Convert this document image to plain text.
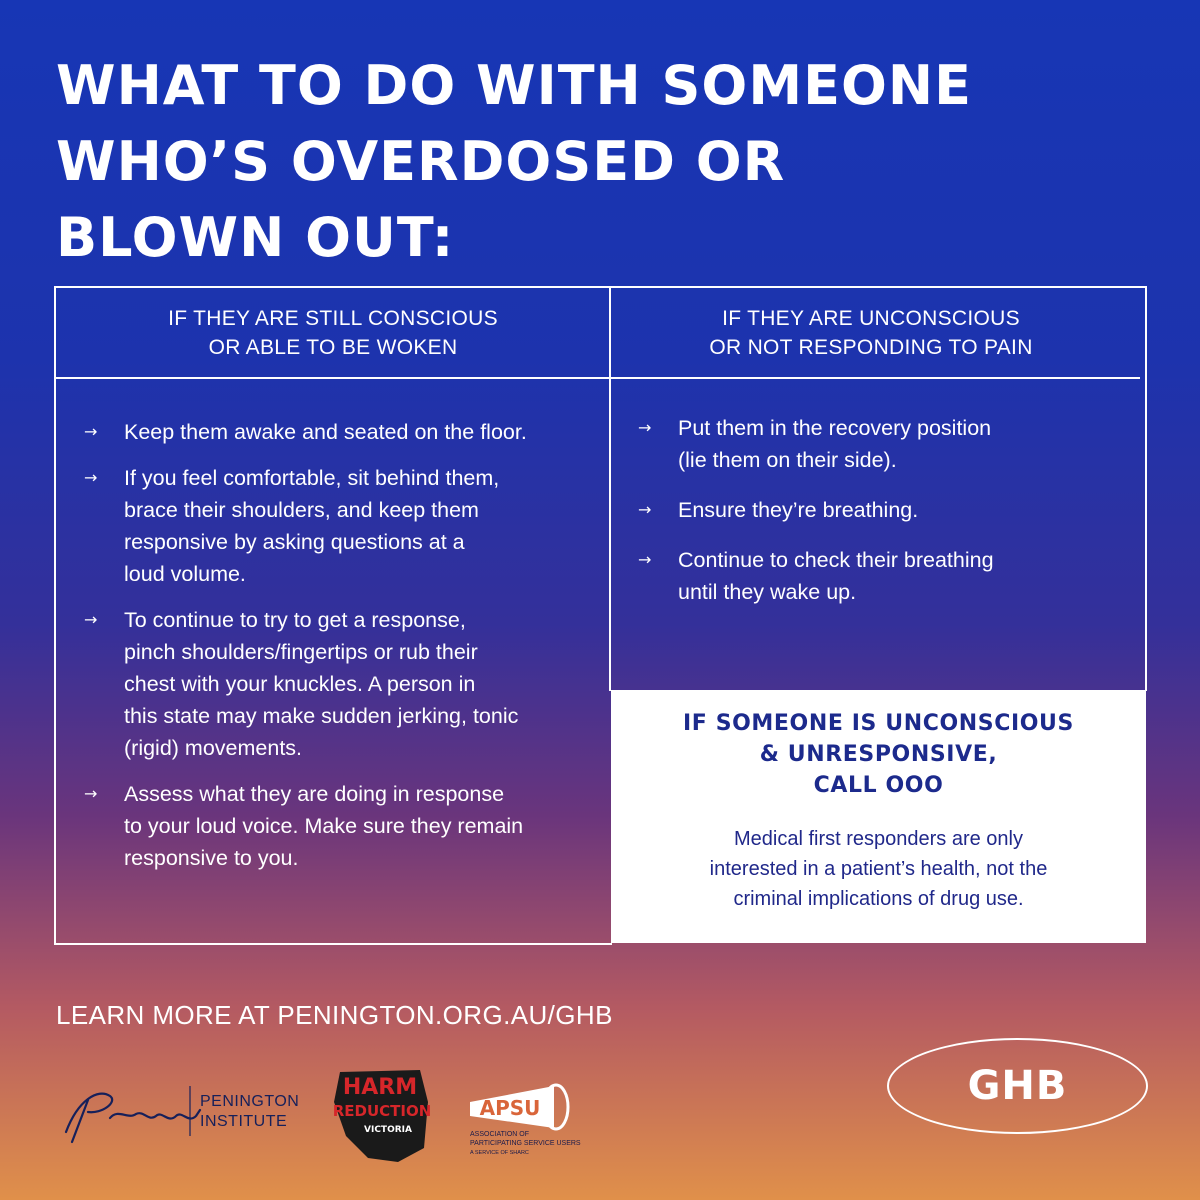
WHAT TO DO WITH SOMEONE
WHO’S OVERDOSED OR
BLOWN OUT:
IF THEY ARE STILL CONSCIOUS
OR ABLE TO BE WOKEN
IF THEY ARE UNCONSCIOUS
OR NOT RESPONDING TO PAIN
→	Keep them awake and seated on the floor.
→	If you feel comfortable, sit behind them,
brace their shoulders, and keep them
responsive by asking questions at a
loud volume.
→	To continue to try to get a response,
pinch shoulders/fingertips or rub their
chest with your knuckles. A person in
this state may make sudden jerking, tonic
(rigid) movements.
→	Assess what they are doing in response
to your loud voice. Make sure they remain
responsive to you.
→	Put them in the recovery position
(lie them on their side).
→	Ensure they’re breathing.
→	Continue to check their breathing
until they wake up.
IF SOMEONE IS UNCONSCIOUS
& UNRESPONSIVE,
CALL OOO
Medical first responders are only
interested in a patient’s health, not the
criminal implications of drug use.
LEARN MORE AT PENINGTON.ORG.AU/GHB
PENINGTON
INSTITUTE
HARM
REDUCTION
VICTORIA
APSU
ASSOCIATION OF
PARTICIPATING SERVICE USERS
A SERVICE OF SHARC
GHB
